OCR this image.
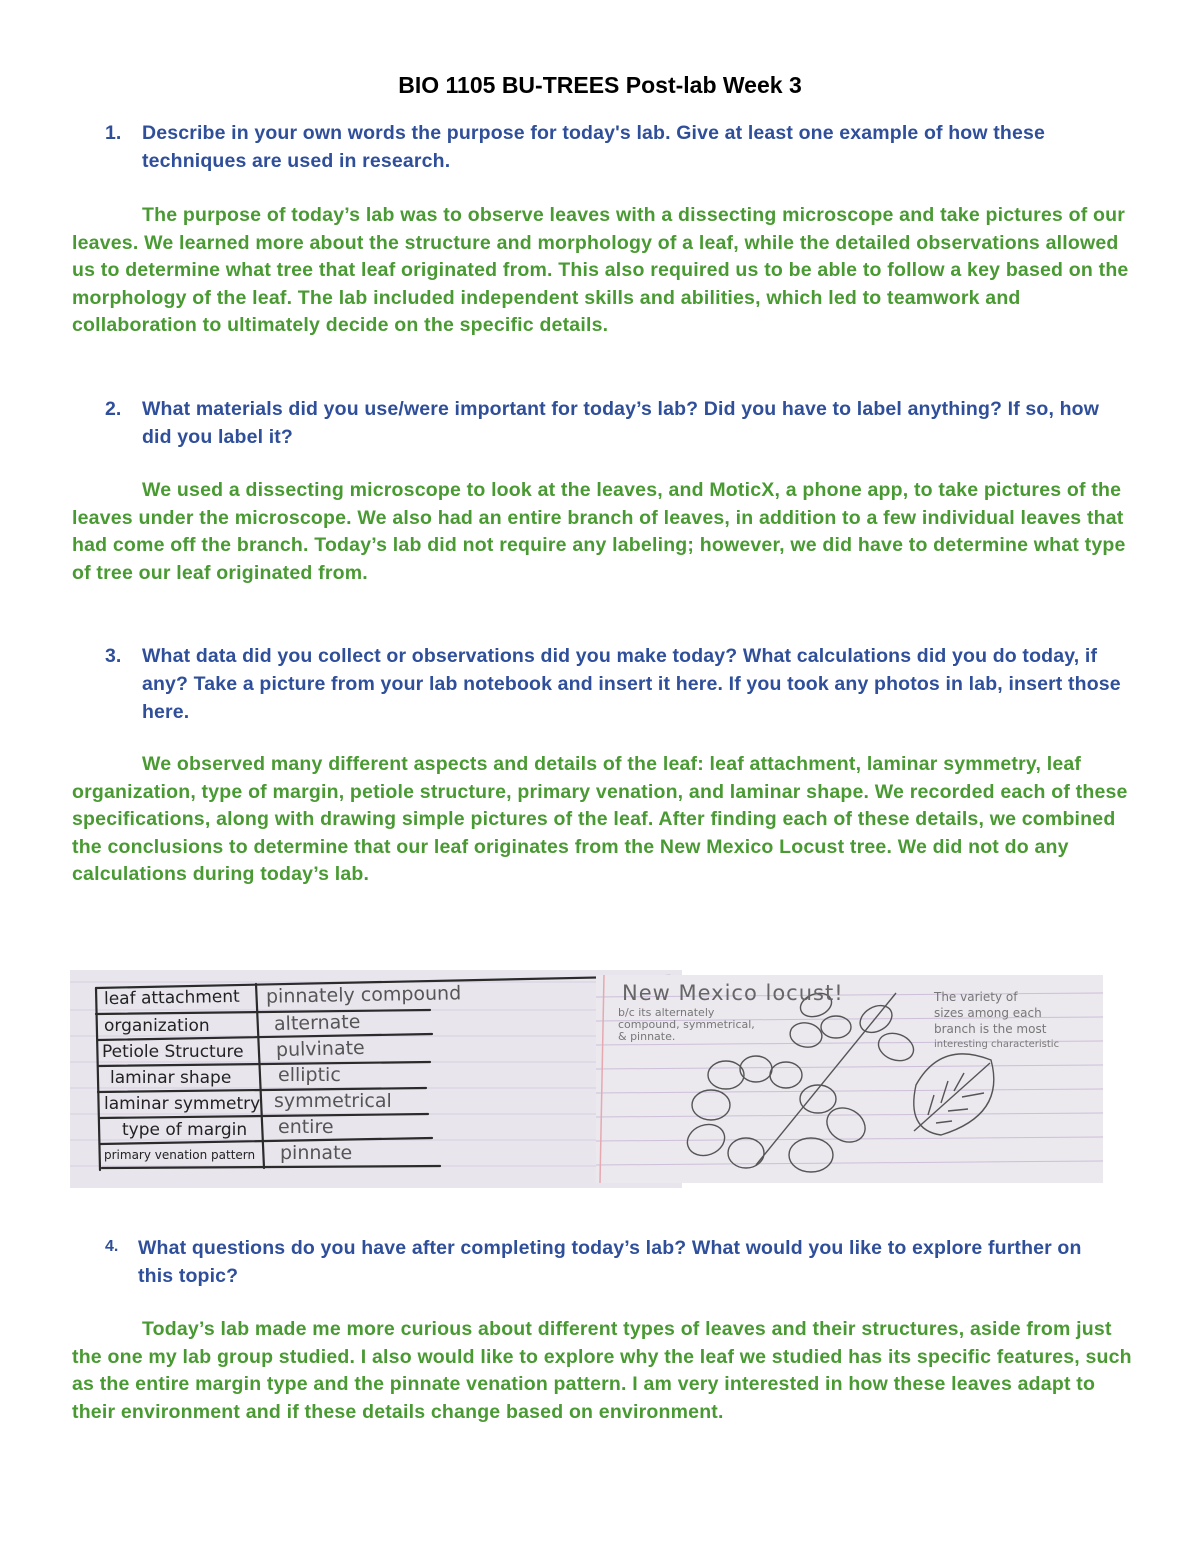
BIO 1105 BU-TREES Post-lab Week 3
1. Describe in your own words the purpose for today's lab. Give at least one example of how these techniques are used in research.

The purpose of today’s lab was to observe leaves with a dissecting microscope and take pictures of our leaves. We learned more about the structure and morphology of a leaf, while the detailed observations allowed us to determine what tree that leaf originated from. This also required us to be able to follow a key based on the morphology of the leaf. The lab included independent skills and abilities, which led to teamwork and collaboration to ultimately decide on the specific details.

2. What materials did you use/were important for today’s lab? Did you have to label anything? If so, how did you label it?

We used a dissecting microscope to look at the leaves, and MoticX, a phone app, to take pictures of the leaves under the microscope. We also had an entire branch of leaves, in addition to a few individual leaves that had come off the branch. Today’s lab did not require any labeling; however, we did have to determine what type of tree our leaf originated from.

3. What data did you collect or observations did you make today? What calculations did you do today, if any? Take a picture from your lab notebook and insert it here. If you took any photos in lab, insert those here.

We observed many different aspects and details of the leaf: leaf attachment, laminar symmetry, leaf organization, type of margin, petiole structure, primary venation, and laminar shape. We recorded each of these specifications, along with drawing simple pictures of the leaf. After finding each of these details, we combined the conclusions to determine that our leaf originates from the New Mexico Locust tree. We did not do any calculations during today’s lab.

leaf attachment pinnately compound
organization	alternate
Petiole Structure pulvinate
laminar shape elliptic
laminar symmetry symmetrical
type of margin entire
primary venation pattern pinnate
New Mexico locust!
b/c its alternately
compound, symmetrical,
& pinnate.
The variety of
sizes among each
branch is the most
interesting characteristic
4. What questions do you have after completing today’s lab? What would you like to explore further on this topic?

Today’s lab made me more curious about different types of leaves and their structures, aside from just the one my lab group studied. I also would like to explore why the leaf we studied has its specific features, such as the entire margin type and the pinnate venation pattern. I am very interested in how these leaves adapt to their environment and if these details change based on environment.
